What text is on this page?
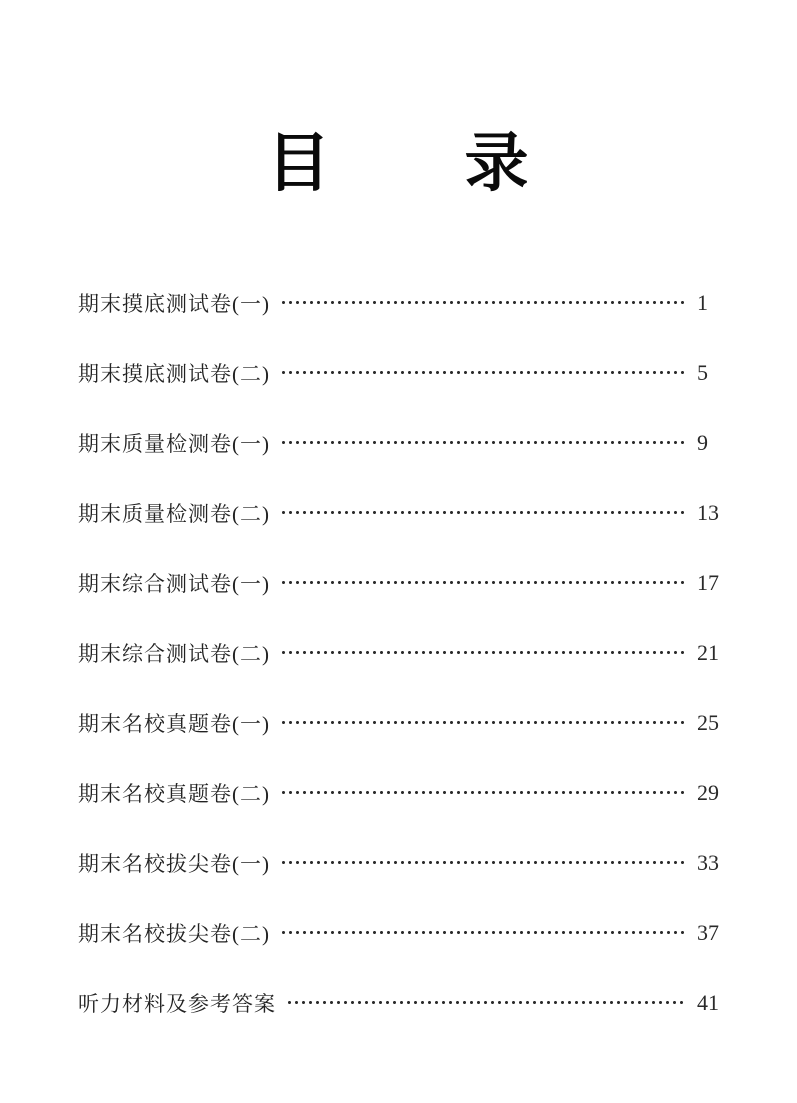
目　　录
期末摸底测试卷(一)	1
期末摸底测试卷(二)	5
期末质量检测卷(一)	9
期末质量检测卷(二)	13
期末综合测试卷(一)	17
期末综合测试卷(二)	21
期末名校真题卷(一)	25
期末名校真题卷(二)	29
期末名校拔尖卷(一)	33
期末名校拔尖卷(二)	37
听力材料及参考答案	41
